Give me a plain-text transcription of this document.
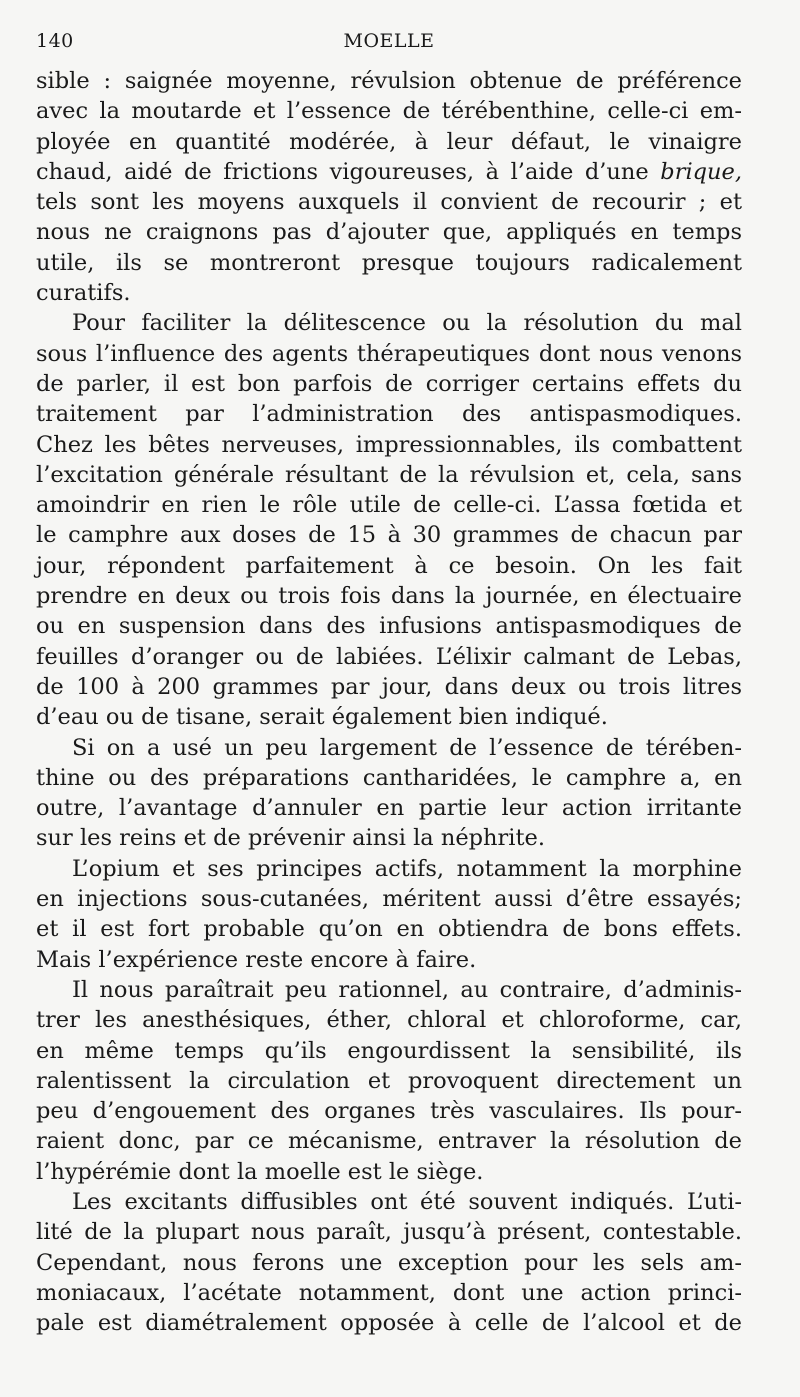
140	MOELLE
sible : saignée moyenne, révulsion obtenue de préférence
avec la moutarde et l’essence de térébenthine, celle-ci em-
ployée en quantité modérée, à leur défaut, le vinaigre
chaud, aidé de frictions vigoureuses, à l’aide d’une brique,
tels sont les moyens auxquels il convient de recourir ; et
nous ne craignons pas d’ajouter que, appliqués en temps
utile, ils se montreront presque toujours radicalement
curatifs.
Pour faciliter la délitescence ou la résolution du mal
sous l’influence des agents thérapeutiques dont nous venons
de parler, il est bon parfois de corriger certains effets du
traitement par l’administration des antispasmodiques.
Chez les bêtes nerveuses, impressionnables, ils combattent
l’excitation générale résultant de la révulsion et, cela, sans
amoindrir en rien le rôle utile de celle-ci. L’assa fœtida et
le camphre aux doses de 15 à 30 grammes de chacun par
jour, répondent parfaitement à ce besoin. On les fait
prendre en deux ou trois fois dans la journée, en électuaire
ou en suspension dans des infusions antispasmodiques de
feuilles d’oranger ou de labiées. L’élixir calmant de Lebas,
de 100 à 200 grammes par jour, dans deux ou trois litres
d’eau ou de tisane, serait également bien indiqué.
Si on a usé un peu largement de l’essence de térében-
thine ou des préparations cantharidées, le camphre a, en
outre, l’avantage d’annuler en partie leur action irritante
sur les reins et de prévenir ainsi la néphrite.
L’opium et ses principes actifs, notamment la morphine
en injections sous-cutanées, méritent aussi d’être essayés;
et il est fort probable qu’on en obtiendra de bons effets.
Mais l’expérience reste encore à faire.
Il nous paraîtrait peu rationnel, au contraire, d’adminis-
trer les anesthésiques, éther, chloral et chloroforme, car,
en même temps qu’ils engourdissent la sensibilité, ils
ralentissent la circulation et provoquent directement un
peu d’engouement des organes très vasculaires. Ils pour-
raient donc, par ce mécanisme, entraver la résolution de
l’hypérémie dont la moelle est le siège.
Les excitants diffusibles ont été souvent indiqués. L’uti-
lité de la plupart nous paraît, jusqu’à présent, contestable.
Cependant, nous ferons une exception pour les sels am-
moniacaux, l’acétate notamment, dont une action princi-
pale est diamétralement opposée à celle de l’alcool et de
